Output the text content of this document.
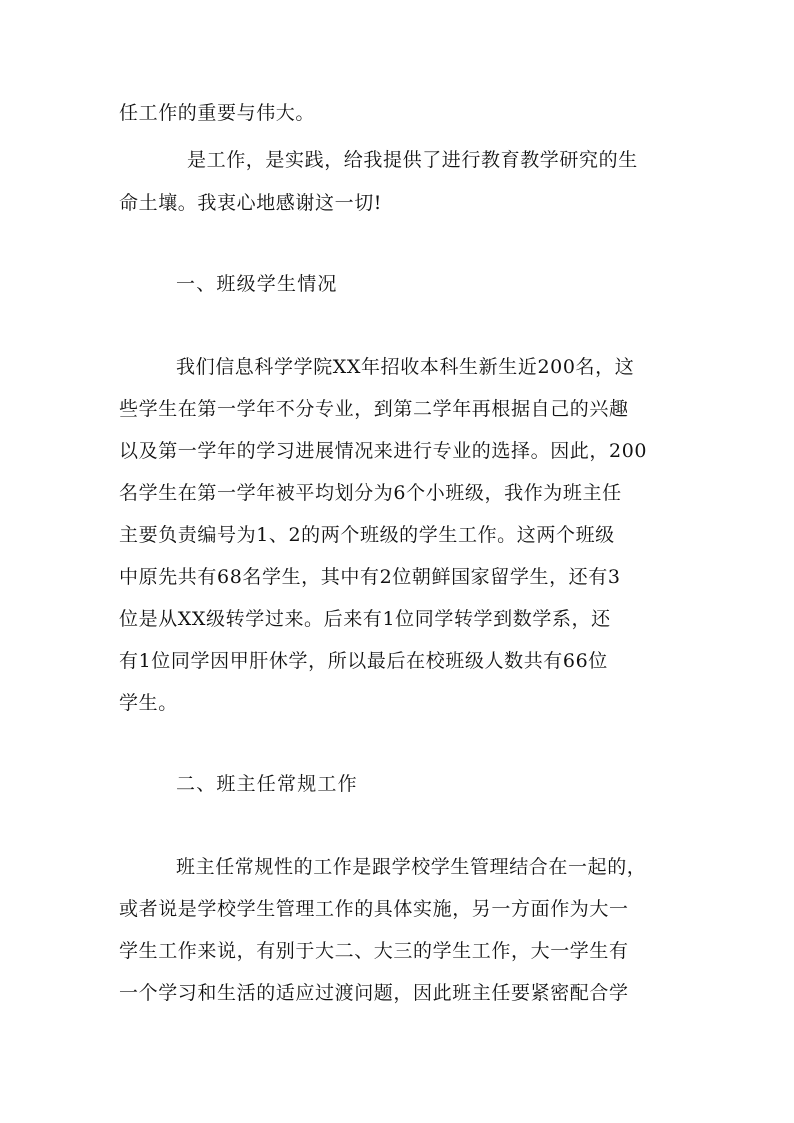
任工作的重要与伟大。
是工作，是实践，给我提供了进行教育教学研究的生
命土壤。我衷心地感谢这一切!
一、班级学生情况
我们信息科学学院XX年招收本科生新生近200名，这
些学生在第一学年不分专业，到第二学年再根据自己的兴趣
以及第一学年的学习进展情况来进行专业的选择。因此，200
名学生在第一学年被平均划分为6个小班级，我作为班主任
主要负责编号为1、2的两个班级的学生工作。这两个班级
中原先共有68名学生，其中有2位朝鲜国家留学生，还有3
位是从XX级转学过来。后来有1位同学转学到数学系，还
有1位同学因甲肝休学，所以最后在校班级人数共有66位
学生。
二、班主任常规工作
班主任常规性的工作是跟学校学生管理结合在一起的，
或者说是学校学生管理工作的具体实施，另一方面作为大一
学生工作来说，有别于大二、大三的学生工作，大一学生有
一个学习和生活的适应过渡问题，因此班主任要紧密配合学
